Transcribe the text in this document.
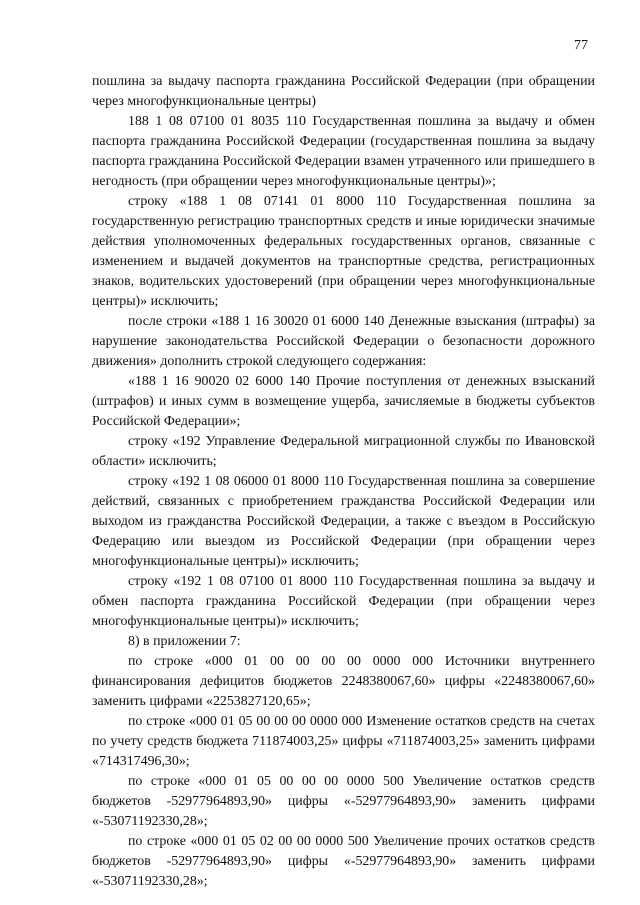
77

пошлина за выдачу паспорта гражданина Российской Федерации (при обращении через многофункциональные центры)

188 1 08 07100 01 8035 110 Государственная пошлина за выдачу и обмен паспорта гражданина Российской Федерации (государственная пошлина за выдачу паспорта гражданина Российской Федерации взамен утраченного или пришедшего в негодность (при обращении через многофункциональные центры)»;

строку «188 1 08 07141 01 8000 110 Государственная пошлина за государственную регистрацию транспортных средств и иные юридически значимые действия уполномоченных федеральных государственных органов, связанные с изменением и выдачей документов на транспортные средства, регистрационных знаков, водительских удостоверений (при обращении через многофункциональные центры)» исключить;

после строки «188 1 16 30020 01 6000 140 Денежные взыскания (штрафы) за нарушение законодательства Российской Федерации о безопасности дорожного движения» дополнить строкой следующего содержания:

«188 1 16 90020 02 6000 140 Прочие поступления от денежных взысканий (штрафов) и иных сумм в возмещение ущерба, зачисляемые в бюджеты субъектов Российской Федерации»;

строку «192 Управление Федеральной миграционной службы по Ивановской области» исключить;

строку «192 1 08 06000 01 8000 110 Государственная пошлина за совершение действий, связанных с приобретением гражданства Российской Федерации или выходом из гражданства Российской Федерации, а также с въездом в Российскую Федерацию или выездом из Российской Федерации (при обращении через многофункциональные центры)» исключить;

строку «192 1 08 07100 01 8000 110 Государственная пошлина за выдачу и обмен паспорта гражданина Российской Федерации (при обращении через многофункциональные центры)» исключить;

8) в приложении 7:

по строке «000 01 00 00 00 00 0000 000 Источники внутреннего финансирования дефицитов бюджетов 2248380067,60» цифры «2248380067,60» заменить цифрами «2253827120,65»;

по строке «000 01 05 00 00 00 0000 000 Изменение остатков средств на счетах по учету средств бюджета 711874003,25» цифры «711874003,25» заменить цифрами «714317496,30»;

по строке «000 01 05 00 00 00 0000 500 Увеличение остатков средств бюджетов -52977964893,90» цифры «-52977964893,90» заменить цифрами «-53071192330,28»;

по строке «000 01 05 02 00 00 0000 500 Увеличение прочих остатков средств бюджетов -52977964893,90» цифры «-52977964893,90» заменить цифрами «-53071192330,28»;
